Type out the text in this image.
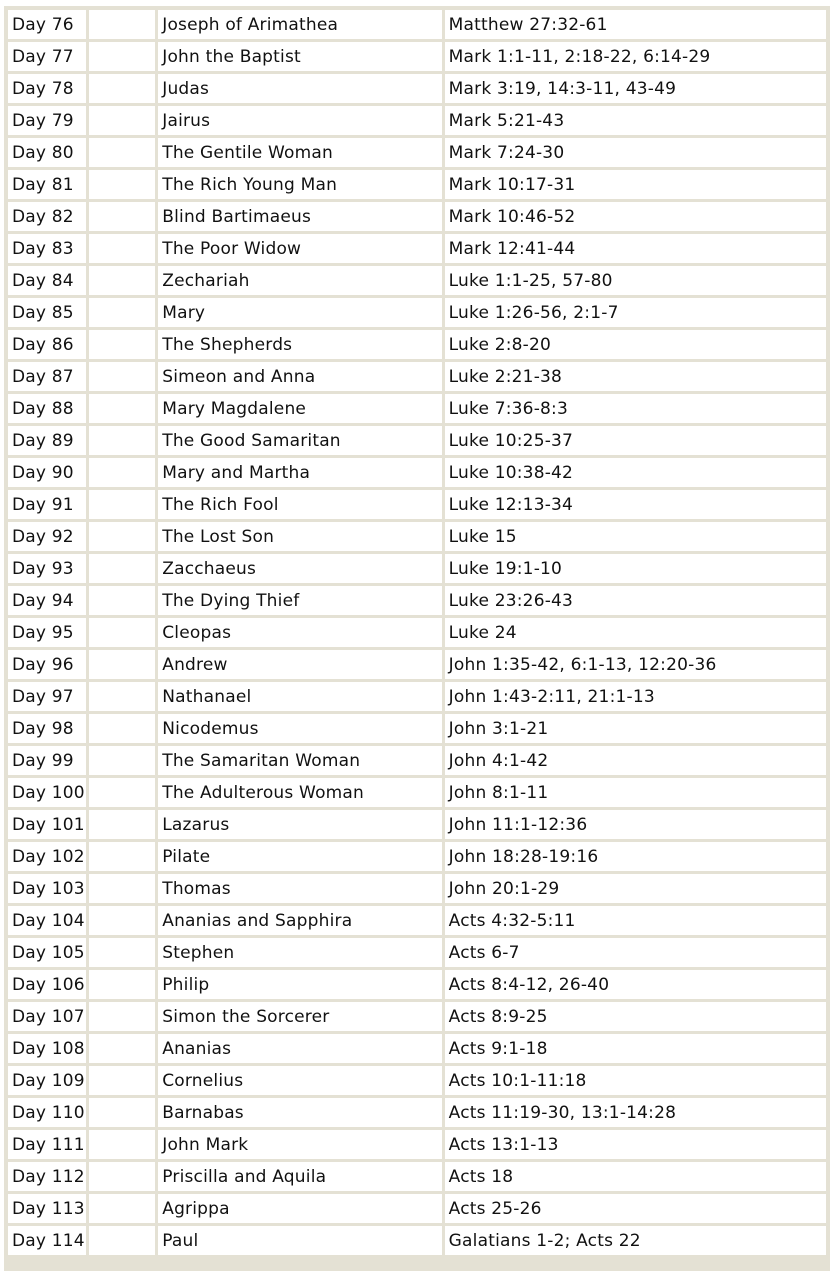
Day 76		Joseph of Arimathea	Matthew 27:32-61
Day 77		John the Baptist	Mark 1:1-11, 2:18-22, 6:14-29
Day 78		Judas	Mark 3:19, 14:3-11, 43-49
Day 79		Jairus	Mark 5:21-43
Day 80		The Gentile Woman	Mark 7:24-30
Day 81		The Rich Young Man	Mark 10:17-31
Day 82		Blind Bartimaeus	Mark 10:46-52
Day 83		The Poor Widow	Mark 12:41-44
Day 84		Zechariah	Luke 1:1-25, 57-80
Day 85		Mary	Luke 1:26-56, 2:1-7
Day 86		The Shepherds	Luke 2:8-20
Day 87		Simeon and Anna	Luke 2:21-38
Day 88		Mary Magdalene	Luke 7:36-8:3
Day 89		The Good Samaritan	Luke 10:25-37
Day 90		Mary and Martha	Luke 10:38-42
Day 91		The Rich Fool	Luke 12:13-34
Day 92		The Lost Son	Luke 15
Day 93		Zacchaeus	Luke 19:1-10
Day 94		The Dying Thief	Luke 23:26-43
Day 95		Cleopas	Luke 24
Day 96		Andrew	John 1:35-42, 6:1-13, 12:20-36
Day 97		Nathanael	John 1:43-2:11, 21:1-13
Day 98		Nicodemus	John 3:1-21
Day 99		The Samaritan Woman	John 4:1-42
Day 100		The Adulterous Woman	John 8:1-11
Day 101		Lazarus	John 11:1-12:36
Day 102		Pilate	John 18:28-19:16
Day 103		Thomas	John 20:1-29
Day 104		Ananias and Sapphira	Acts 4:32-5:11
Day 105		Stephen	Acts 6-7
Day 106		Philip	Acts 8:4-12, 26-40
Day 107		Simon the Sorcerer	Acts 8:9-25
Day 108		Ananias	Acts 9:1-18
Day 109		Cornelius	Acts 10:1-11:18
Day 110		Barnabas	Acts 11:19-30, 13:1-14:28
Day 111		John Mark	Acts 13:1-13
Day 112		Priscilla and Aquila	Acts 18
Day 113		Agrippa	Acts 25-26
Day 114		Paul	Galatians 1-2; Acts 22
